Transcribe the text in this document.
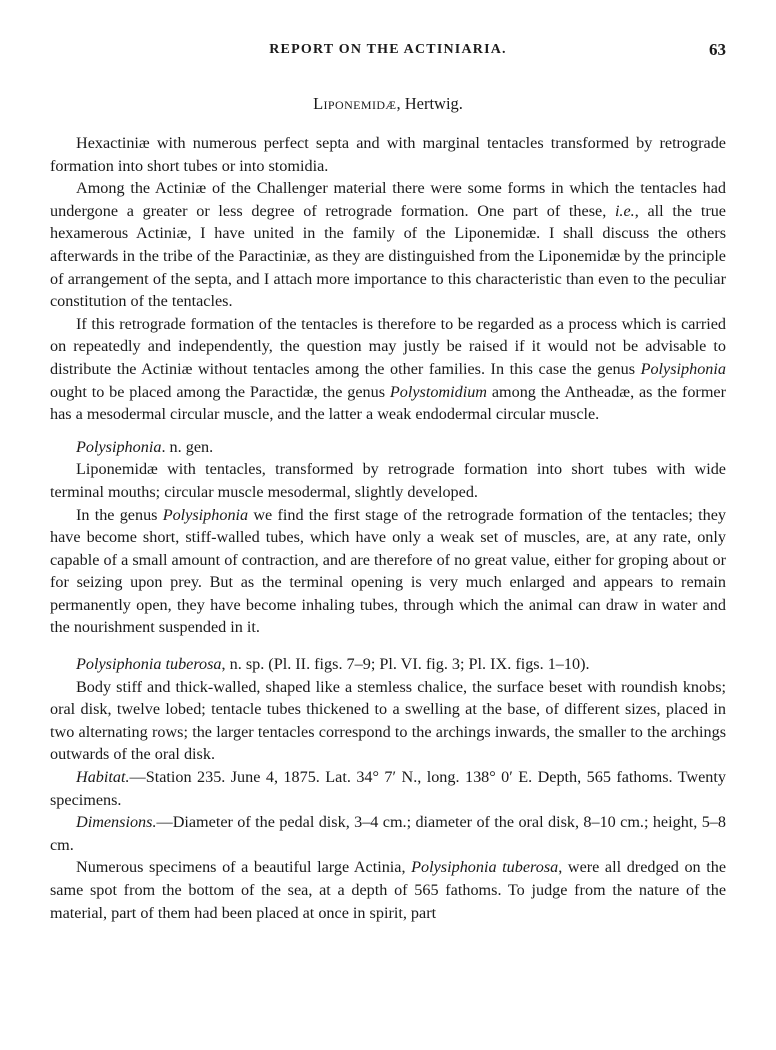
REPORT ON THE ACTINIARIA.	63
Liponemidæ, Hertwig.

Hexactiniæ with numerous perfect septa and with marginal tentacles transformed by retrograde formation into short tubes or into stomidia.

Among the Actiniæ of the Challenger material there were some forms in which the tentacles had undergone a greater or less degree of retrograde formation. One part of these, i.e., all the true hexamerous Actiniæ, I have united in the family of the Liponemidæ. I shall discuss the others afterwards in the tribe of the Paractiniæ, as they are distinguished from the Liponemidæ by the principle of arrangement of the septa, and I attach more importance to this characteristic than even to the peculiar constitution of the tentacles.

If this retrograde formation of the tentacles is therefore to be regarded as a process which is carried on repeatedly and independently, the question may justly be raised if it would not be advisable to distribute the Actiniæ without tentacles among the other families. In this case the genus Polysiphonia ought to be placed among the Paractidæ, the genus Polystomidium among the Antheadæ, as the former has a mesodermal circular muscle, and the latter a weak endodermal circular muscle.

Polysiphonia. n. gen.

Liponemidæ with tentacles, transformed by retrograde formation into short tubes with wide terminal mouths; circular muscle mesodermal, slightly developed.

In the genus Polysiphonia we find the first stage of the retrograde formation of the tentacles; they have become short, stiff-walled tubes, which have only a weak set of muscles, are, at any rate, only capable of a small amount of contraction, and are therefore of no great value, either for groping about or for seizing upon prey. But as the terminal opening is very much enlarged and appears to remain permanently open, they have become inhaling tubes, through which the animal can draw in water and the nourishment suspended in it.

Polysiphonia tuberosa, n. sp. (Pl. II. figs. 7–9; Pl. VI. fig. 3; Pl. IX. figs. 1–10).

Body stiff and thick-walled, shaped like a stemless chalice, the surface beset with roundish knobs; oral disk, twelve lobed; tentacle tubes thickened to a swelling at the base, of different sizes, placed in two alternating rows; the larger tentacles correspond to the archings inwards, the smaller to the archings outwards of the oral disk.

Habitat.—Station 235. June 4, 1875. Lat. 34° 7′ N., long. 138° 0′ E. Depth, 565 fathoms. Twenty specimens.

Dimensions.—Diameter of the pedal disk, 3–4 cm.; diameter of the oral disk, 8–10 cm.; height, 5–8 cm.

Numerous specimens of a beautiful large Actinia, Polysiphonia tuberosa, were all dredged on the same spot from the bottom of the sea, at a depth of 565 fathoms. To judge from the nature of the material, part of them had been placed at once in spirit, part
